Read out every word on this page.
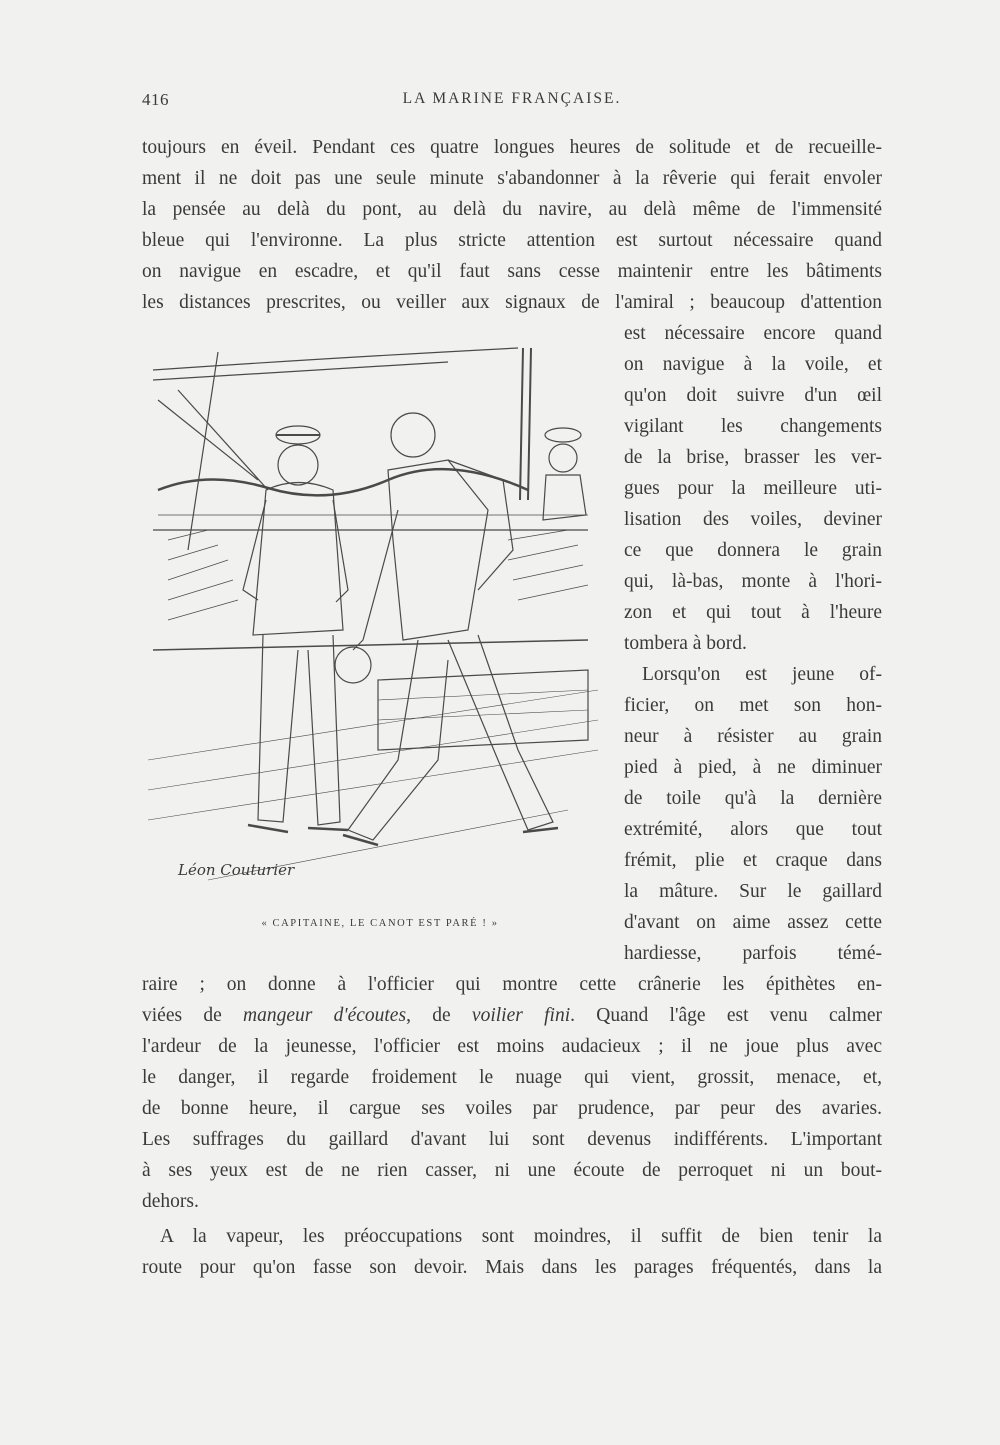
416	LA MARINE FRANÇAISE.
toujours en éveil. Pendant ces quatre longues heures de solitude et de recueille-
ment il ne doit pas une seule minute s'abandonner à la rêverie qui ferait envoler
la pensée au delà du pont, au delà du navire, au delà même de l'immensité
bleue qui l'environne. La plus stricte attention est surtout nécessaire quand
on navigue en escadre, et qu'il faut sans cesse maintenir entre les bâtiments
les distances prescrites, ou veiller aux signaux de l'amiral ; beaucoup d'attention
est nécessaire encore quand
on navigue à la voile, et
qu'on doit suivre d'un œil
vigilant les changements
de la brise, brasser les ver-
gues pour la meilleure uti-
lisation des voiles, deviner
ce que donnera le grain
qui, là-bas, monte à l'hori-
zon et qui tout à l'heure
tombera à bord.
Lorsqu'on est jeune of-
ficier, on met son hon-
neur à résister au grain
pied à pied, à ne diminuer
de toile qu'à la dernière
extrémité, alors que tout
frémit, plie et craque dans
la mâture. Sur le gaillard
d'avant on aime assez cette
hardiesse, parfois témé-
raire ; on donne à l'officier qui montre cette crânerie les épithètes en-
viées de mangeur d'écoutes, de voilier fini. Quand l'âge est venu calmer
l'ardeur de la jeunesse, l'officier est moins audacieux ; il ne joue plus avec
le danger, il regarde froidement le nuage qui vient, grossit, menace, et,
de bonne heure, il cargue ses voiles par prudence, par peur des avaries.
Les suffrages du gaillard d'avant lui sont devenus indifférents. L'important
à ses yeux est de ne rien casser, ni une écoute de perroquet ni un bout-
dehors.
A la vapeur, les préoccupations sont moindres, il suffit de bien tenir la
route pour qu'on fasse son devoir. Mais dans les parages fréquentés, dans la
Léon Couturier
« CAPITAINE, LE CANOT EST PARÉ ! »
